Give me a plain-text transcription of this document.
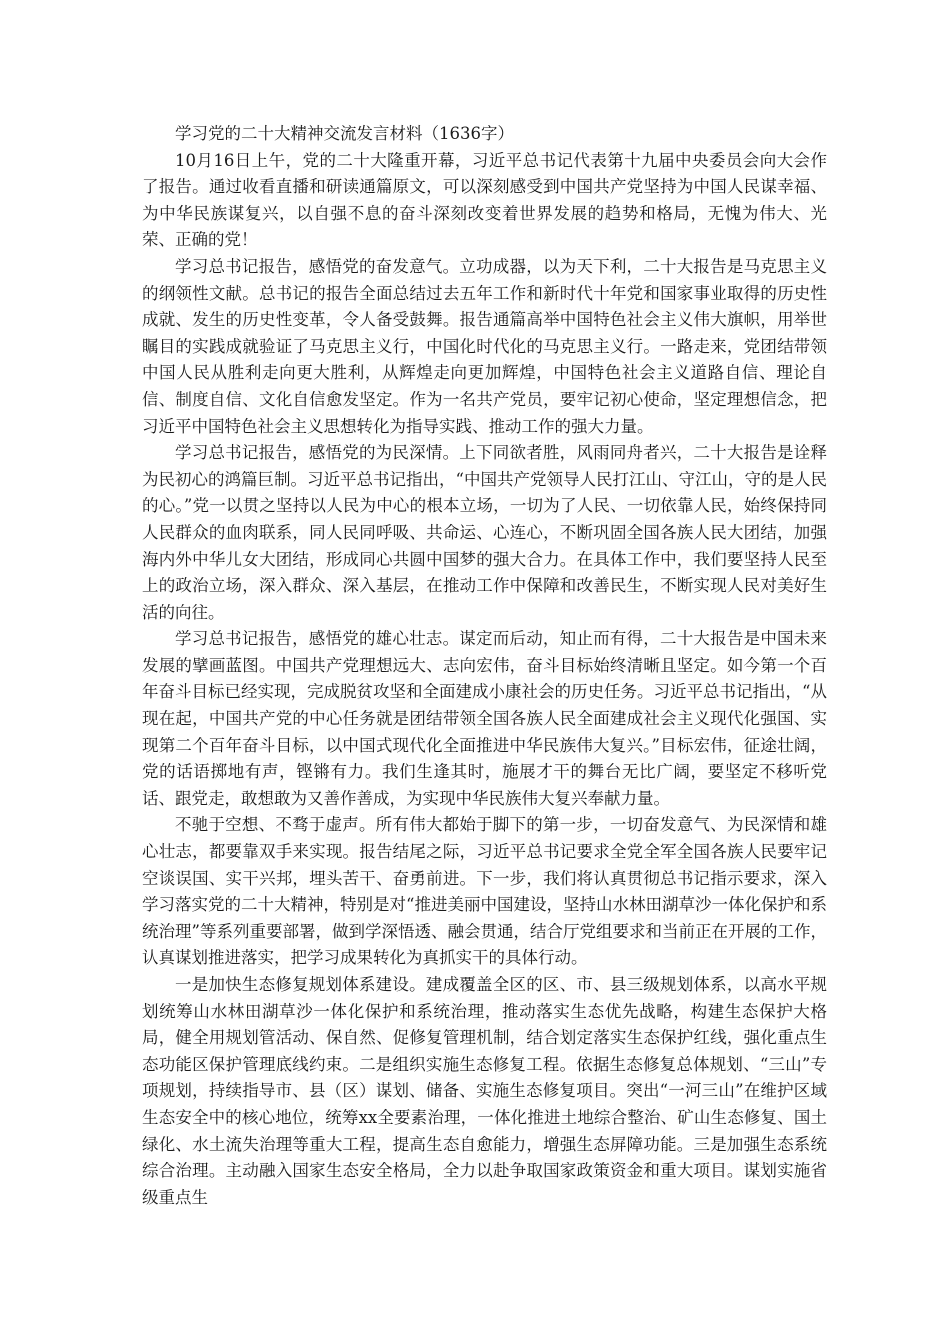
学习党的二十大精神交流发言材料（1636字）

10月16日上午，党的二十大隆重开幕，习近平总书记代表第十九届中央委员会向大会作了报告。通过收看直播和研读通篇原文，可以深刻感受到中国共产党坚持为中国人民谋幸福、为中华民族谋复兴，以自强不息的奋斗深刻改变着世界发展的趋势和格局，无愧为伟大、光荣、正确的党！

学习总书记报告，感悟党的奋发意气。立功成器，以为天下利，二十大报告是马克思主义的纲领性文献。总书记的报告全面总结过去五年工作和新时代十年党和国家事业取得的历史性成就、发生的历史性变革，令人备受鼓舞。报告通篇高举中国特色社会主义伟大旗帜，用举世瞩目的实践成就验证了马克思主义行，中国化时代化的马克思主义行。一路走来，党团结带领中国人民从胜利走向更大胜利，从辉煌走向更加辉煌，中国特色社会主义道路自信、理论自信、制度自信、文化自信愈发坚定。作为一名共产党员，要牢记初心使命，坚定理想信念，把习近平中国特色社会主义思想转化为指导实践、推动工作的强大力量。

学习总书记报告，感悟党的为民深情。上下同欲者胜，风雨同舟者兴，二十大报告是诠释为民初心的鸿篇巨制。习近平总书记指出，“中国共产党领导人民打江山、守江山，守的是人民的心。”党一以贯之坚持以人民为中心的根本立场，一切为了人民、一切依靠人民，始终保持同人民群众的血肉联系，同人民同呼吸、共命运、心连心，不断巩固全国各族人民大团结，加强海内外中华儿女大团结，形成同心共圆中国梦的强大合力。在具体工作中，我们要坚持人民至上的政治立场，深入群众、深入基层，在推动工作中保障和改善民生，不断实现人民对美好生活的向往。

学习总书记报告，感悟党的雄心壮志。谋定而后动，知止而有得，二十大报告是中国未来发展的擘画蓝图。中国共产党理想远大、志向宏伟，奋斗目标始终清晰且坚定。如今第一个百年奋斗目标已经实现，完成脱贫攻坚和全面建成小康社会的历史任务。习近平总书记指出，“从现在起，中国共产党的中心任务就是团结带领全国各族人民全面建成社会主义现代化强国、实现第二个百年奋斗目标，以中国式现代化全面推进中华民族伟大复兴。”目标宏伟，征途壮阔，党的话语掷地有声，铿锵有力。我们生逢其时，施展才干的舞台无比广阔，要坚定不移听党话、跟党走，敢想敢为又善作善成，为实现中华民族伟大复兴奉献力量。

不驰于空想、不骛于虚声。所有伟大都始于脚下的第一步，一切奋发意气、为民深情和雄心壮志，都要靠双手来实现。报告结尾之际，习近平总书记要求全党全军全国各族人民要牢记空谈误国、实干兴邦，埋头苦干、奋勇前进。下一步，我们将认真贯彻总书记指示要求，深入学习落实党的二十大精神，特别是对“推进美丽中国建设，坚持山水林田湖草沙一体化保护和系统治理”等系列重要部署，做到学深悟透、融会贯通，结合厅党组要求和当前正在开展的工作，认真谋划推进落实，把学习成果转化为真抓实干的具体行动。

一是加快生态修复规划体系建设。建成覆盖全区的区、市、县三级规划体系，以高水平规划统筹山水林田湖草沙一体化保护和系统治理，推动落实生态优先战略，构建生态保护大格局，健全用规划管活动、保自然、促修复管理机制，结合划定落实生态保护红线，强化重点生态功能区保护管理底线约束。二是组织实施生态修复工程。依据生态修复总体规划、“三山”专项规划，持续指导市、县（区）谋划、储备、实施生态修复项目。突出“一河三山”在维护区域生态安全中的核心地位，统筹xx全要素治理，一体化推进土地综合整治、矿山生态修复、国土绿化、水土流失治理等重大工程，提高生态自愈能力，增强生态屏障功能。三是加强生态系统综合治理。主动融入国家生态安全格局，全力以赴争取国家政策资金和重大项目。谋划实施省级重点生
